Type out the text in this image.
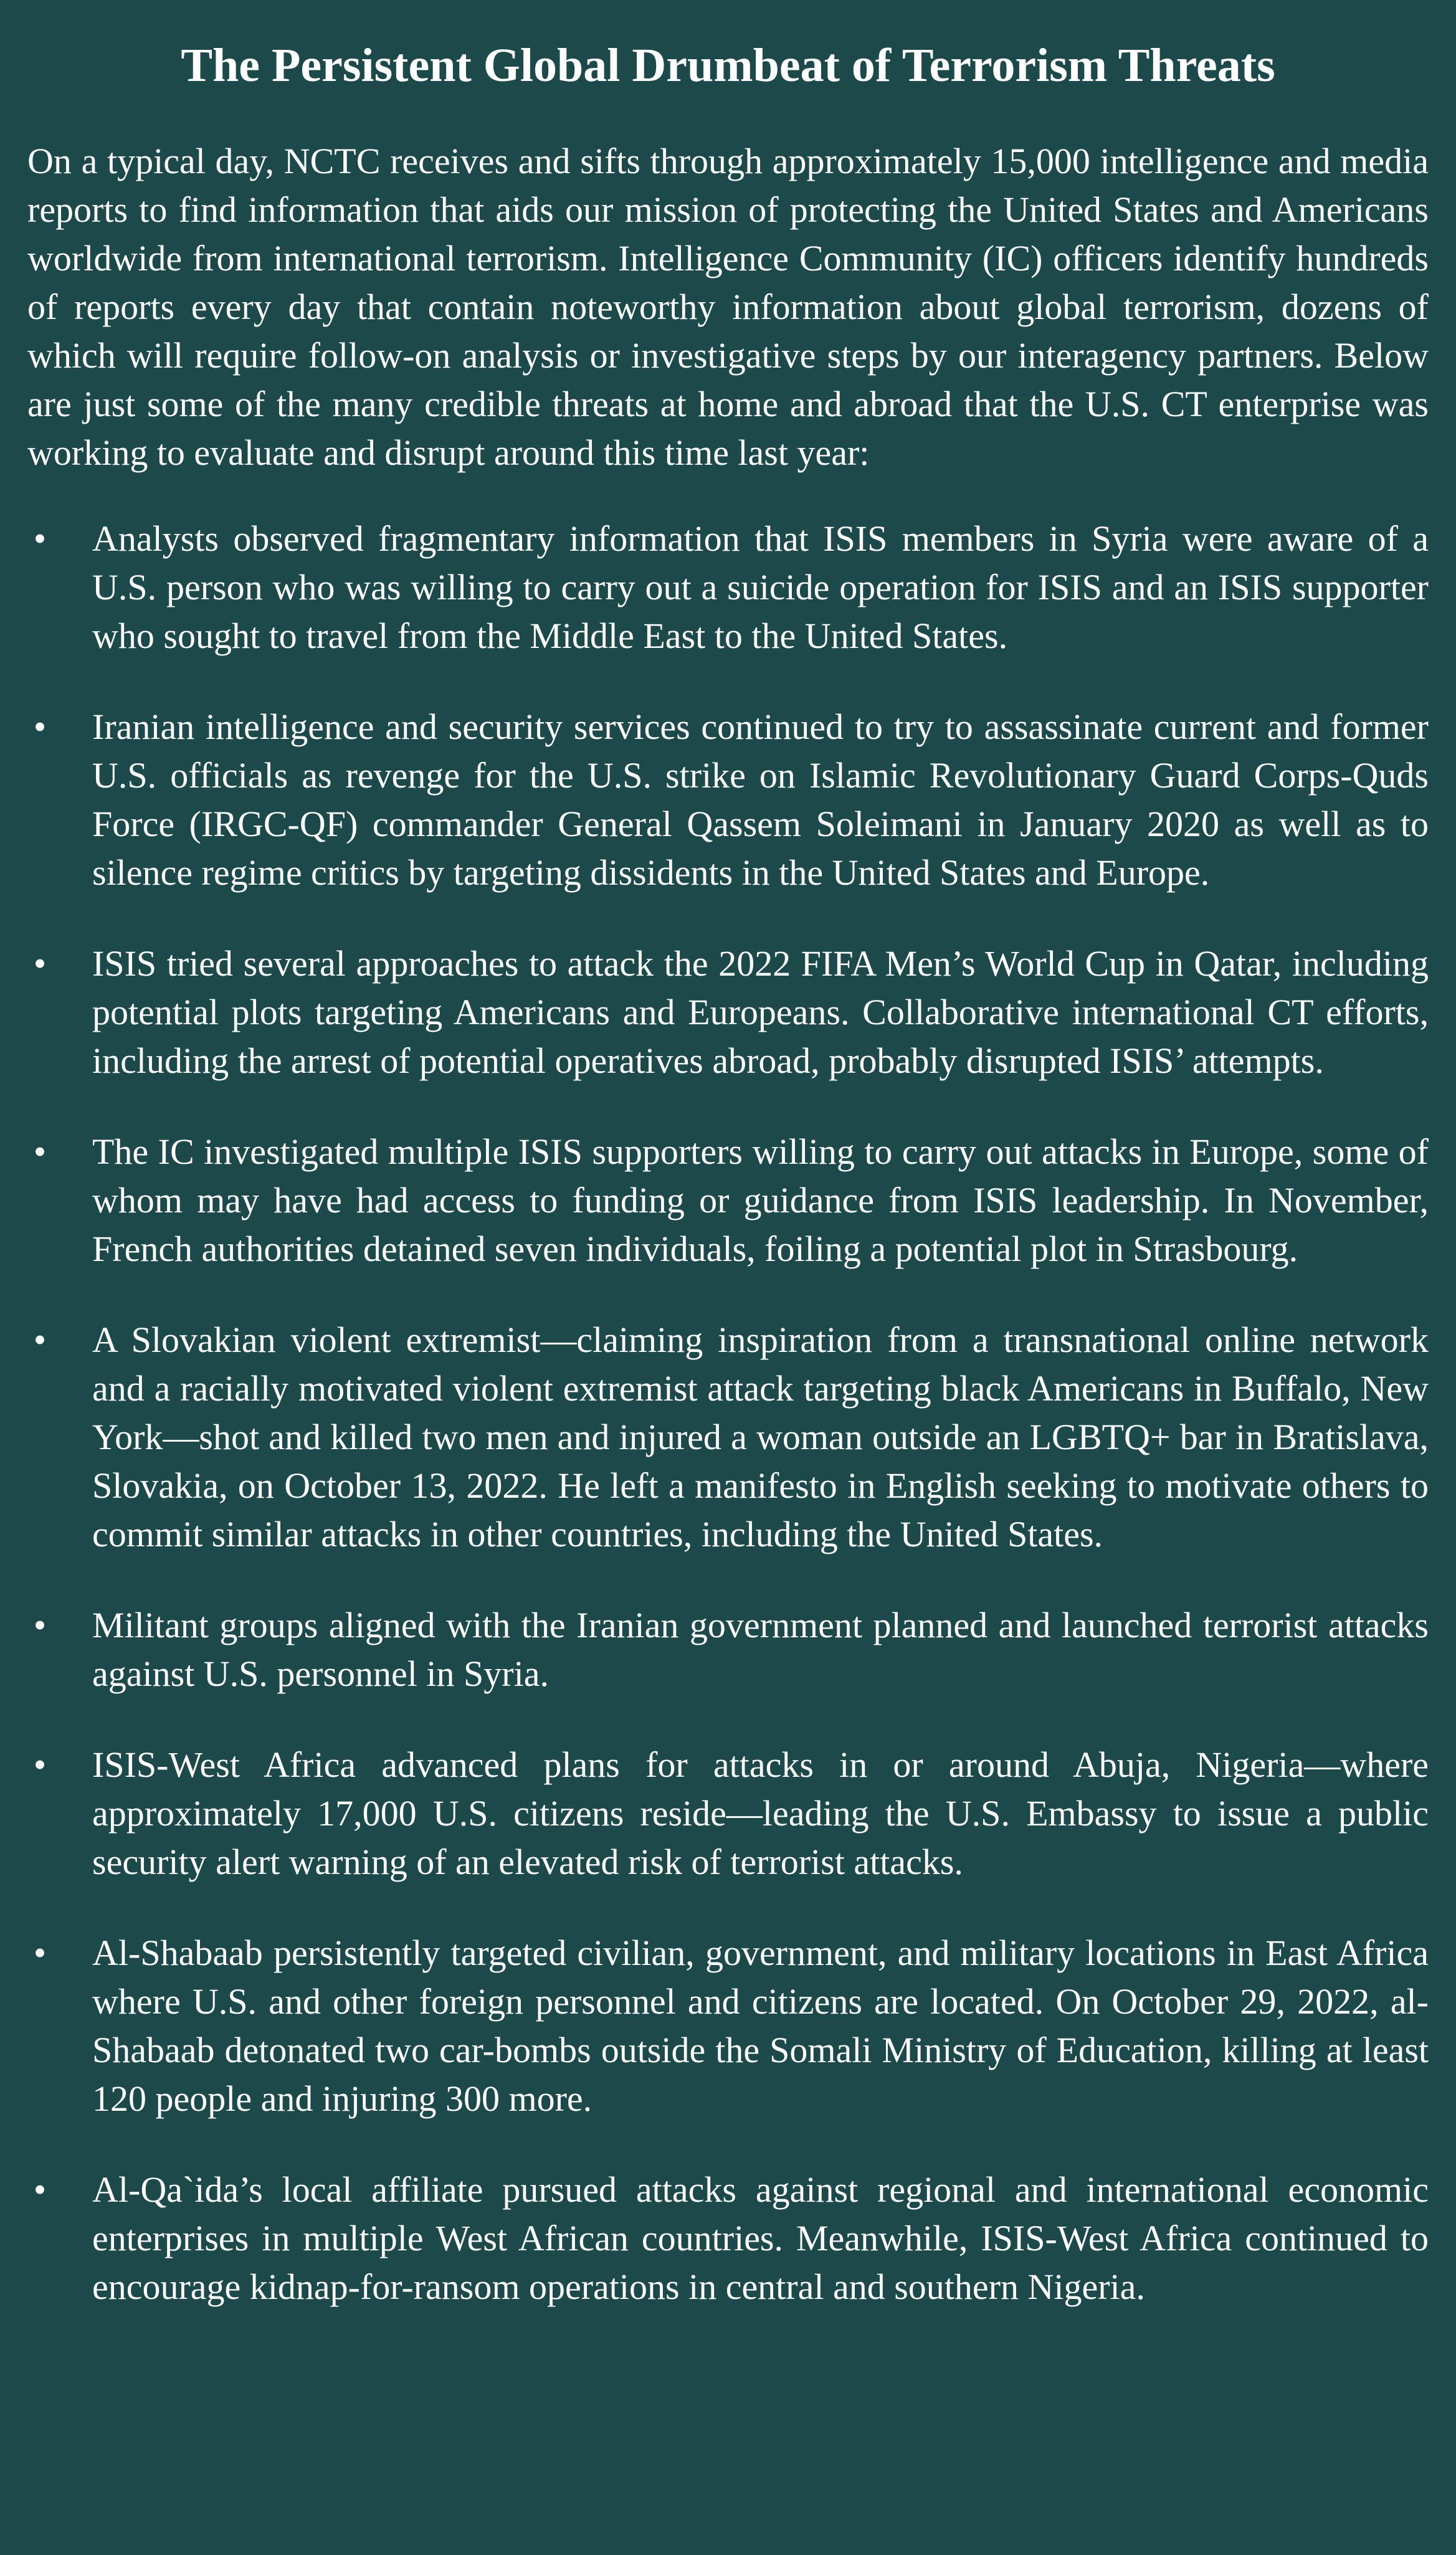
The Persistent Global Drumbeat of Terrorism Threats

On a typical day, NCTC receives and sifts through approximately 15,000 intelligence and media reports to find information that aids our mission of protecting the United States and Americans worldwide from international terrorism. Intelligence Community (IC) officers identify hundreds of reports every day that contain noteworthy information about global terrorism, dozens of which will require follow-on analysis or investigative steps by our interagency partners. Below are just some of the many credible threats at home and abroad that the U.S. CT enterprise was working to evaluate and disrupt around this time last year:

• Analysts observed fragmentary information that ISIS members in Syria were aware of a U.S. person who was willing to carry out a suicide operation for ISIS and an ISIS supporter who sought to travel from the Middle East to the United States.
• Iranian intelligence and security services continued to try to assassinate current and former U.S. officials as revenge for the U.S. strike on Islamic Revolutionary Guard Corps-Quds Force (IRGC-QF) commander General Qassem Soleimani in January 2020 as well as to silence regime critics by targeting dissidents in the United States and Europe.
• ISIS tried several approaches to attack the 2022 FIFA Men’s World Cup in Qatar, including potential plots targeting Americans and Europeans. Collaborative international CT efforts, including the arrest of potential operatives abroad, probably disrupted ISIS’ attempts.
• The IC investigated multiple ISIS supporters willing to carry out attacks in Europe, some of whom may have had access to funding or guidance from ISIS leadership. In November, French authorities detained seven individuals, foiling a potential plot in Strasbourg.
• A Slovakian violent extremist—claiming inspiration from a transnational online network and a racially motivated violent extremist attack targeting black Americans in Buffalo, New York—shot and killed two men and injured a woman outside an LGBTQ+ bar in Bratislava, Slovakia, on October 13, 2022. He left a manifesto in English seeking to motivate others to commit similar attacks in other countries, including the United States.
• Militant groups aligned with the Iranian government planned and launched terrorist attacks against U.S. personnel in Syria.
• ISIS-West Africa advanced plans for attacks in or around Abuja, Nigeria—where approximately 17,000 U.S. citizens reside—leading the U.S. Embassy to issue a public security alert warning of an elevated risk of terrorist attacks.
• Al-Shabaab persistently targeted civilian, government, and military locations in East Africa where U.S. and other foreign personnel and citizens are located. On October 29, 2022, al-Shabaab detonated two car-bombs outside the Somali Ministry of Education, killing at least 120 people and injuring 300 more.
• Al-Qa`ida’s local affiliate pursued attacks against regional and international economic enterprises in multiple West African countries. Meanwhile, ISIS-West Africa continued to encourage kidnap-for-ransom operations in central and southern Nigeria.
